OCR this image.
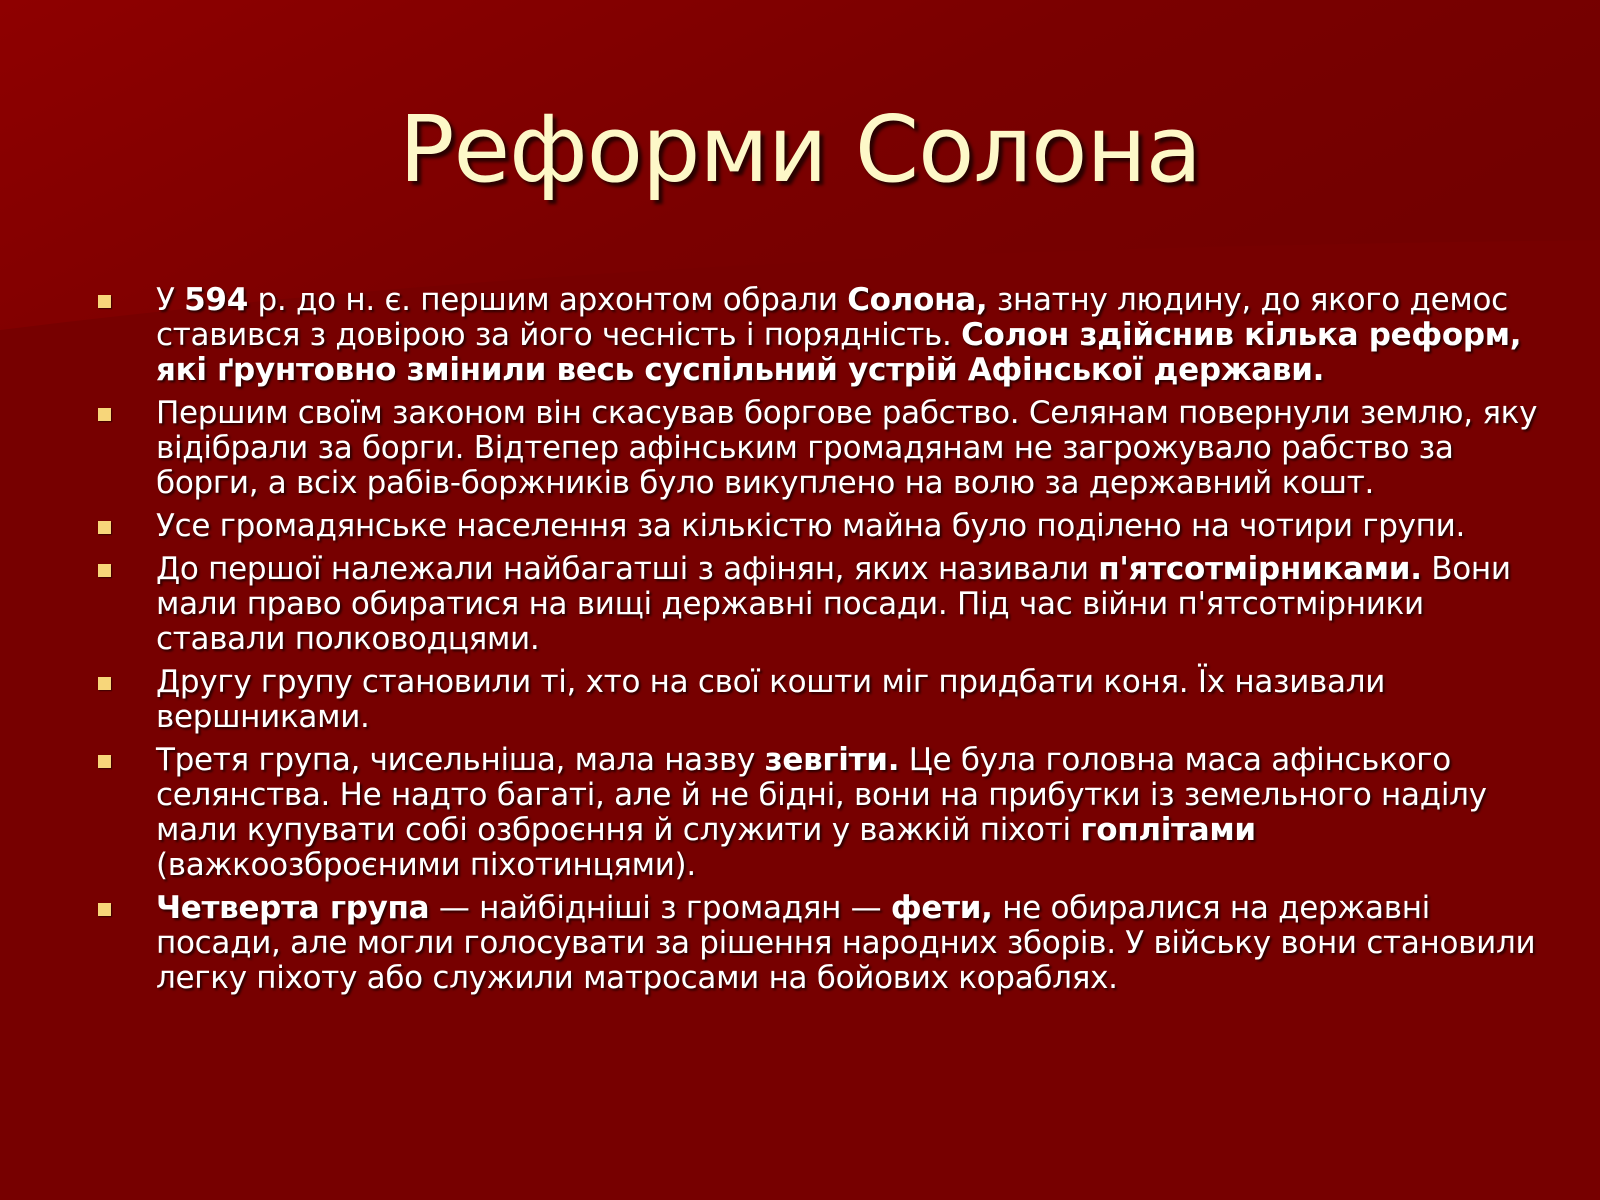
Реформи Солона
У 594 р. до н. є. першим архонтом обрали Солона, знатну людину, до якого демос ставився з довірою за його чесність і порядність. Солон здійснив кілька реформ, які ґрунтовно змінили весь суспільний устрій Афінської держави.
Першим своїм законом він скасував боргове рабство. Селянам повернули землю, яку відібрали за борги. Відтепер афінським громадянам не загрожувало рабство за борги, а всіх рабів-боржників було викуплено на волю за державний кошт.
Усе громадянське населення за кількістю майна було поділено на чотири групи.
До першої належали найбагатші з афінян, яких називали п'ятсотмірниками. Вони мали право обиратися на вищі державні посади. Під час війни п'ятсотмірники ставали полководцями.
Другу групу становили ті, хто на свої кошти міг придбати коня. Їх називали вершниками.
Третя група, чисельніша, мала назву зевгіти. Це була головна маса афінського селянства. Не надто багаті, але й не бідні, вони на прибутки із земельного наділу мали купувати собі озброєння й служити у важкій піхоті гоплітами (важкоозброєними піхотинцями).
Четверта група — найбідніші з громадян — фети, не обиралися на державні посади, але могли голосувати за рішення народних зборів. У війську вони становили легку піхоту або служили матросами на бойових кораблях.
